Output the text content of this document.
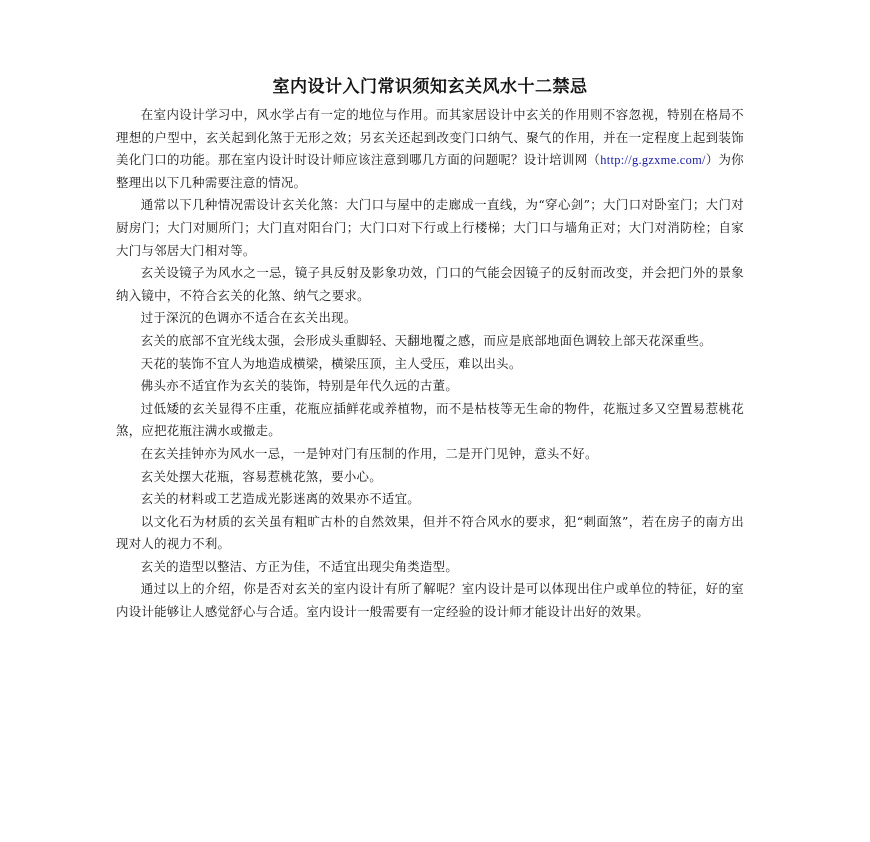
室内设计入门常识须知玄关风水十二禁忌

在室内设计学习中，风水学占有一定的地位与作用。而其家居设计中玄关的作用则不容忽视，特别在格局不理想的户型中，玄关起到化煞于无形之效；另玄关还起到改变门口纳气、聚气的作用，并在一定程度上起到装饰美化门口的功能。那在室内设计时设计师应该注意到哪几方面的问题呢？设计培训网（http://g.gzxme.com/）为你整理出以下几种需要注意的情况。

通常以下几种情况需设计玄关化煞：大门口与屋中的走廊成一直线，为“穿心剑”；大门口对卧室门；大门对厨房门；大门对厕所门；大门直对阳台门；大门口对下行或上行楼梯；大门口与墙角正对；大门对消防栓；自家大门与邻居大门相对等。

玄关设镜子为风水之一忌，镜子具反射及影象功效，门口的气能会因镜子的反射而改变，并会把门外的景象纳入镜中，不符合玄关的化煞、纳气之要求。

过于深沉的色调亦不适合在玄关出现。

玄关的底部不宜光线太强，会形成头重脚轻、天翻地覆之感，而应是底部地面色调较上部天花深重些。

天花的装饰不宜人为地造成横梁，横梁压顶，主人受压，难以出头。

佛头亦不适宜作为玄关的装饰，特别是年代久远的古董。

过低矮的玄关显得不庄重，花瓶应插鲜花或养植物，而不是枯枝等无生命的物件，花瓶过多又空置易惹桃花煞，应把花瓶注满水或撤走。

在玄关挂钟亦为风水一忌，一是钟对门有压制的作用，二是开门见钟，意头不好。

玄关处摆大花瓶，容易惹桃花煞，要小心。

玄关的材料或工艺造成光影迷离的效果亦不适宜。

以文化石为材质的玄关虽有粗旷古朴的自然效果，但并不符合风水的要求，犯“刺面煞”，若在房子的南方出现对人的视力不利。

玄关的造型以整洁、方正为佳，不适宜出现尖角类造型。

通过以上的介绍，你是否对玄关的室内设计有所了解呢？室内设计是可以体现出住户或单位的特征，好的室内设计能够让人感觉舒心与合适。室内设计一般需要有一定经验的设计师才能设计出好的效果。
